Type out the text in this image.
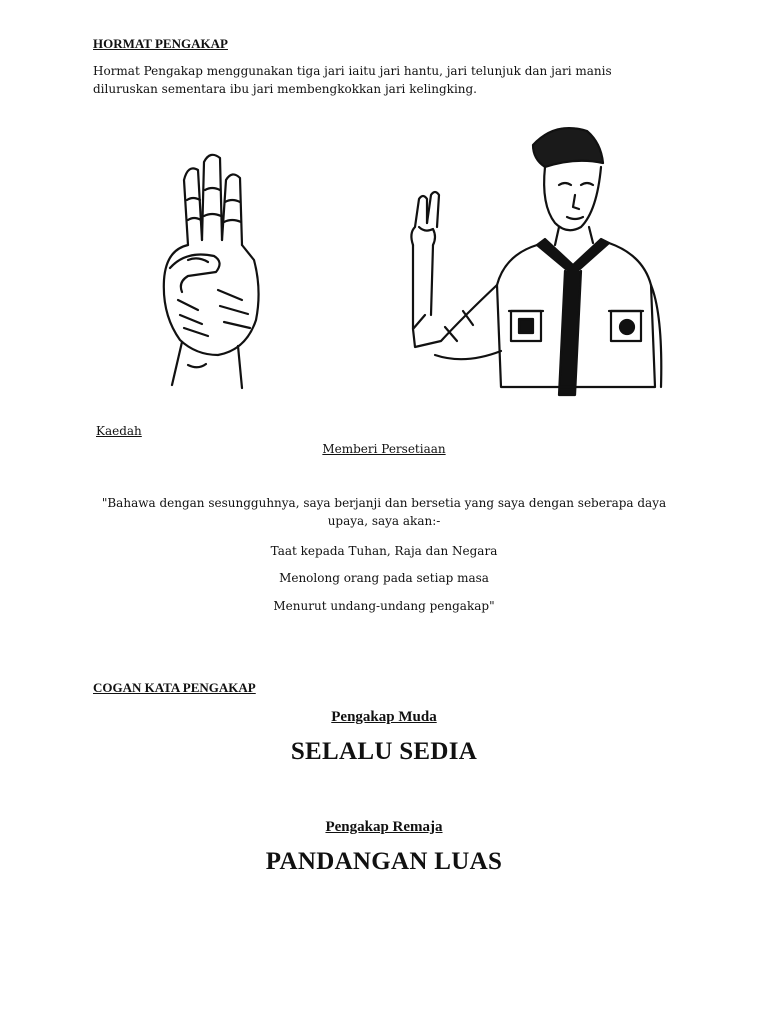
HORMAT PENGAKAP
Hormat Pengakap menggunakan tiga jari iaitu jari hantu, jari telunjuk dan jari manis diluruskan sementara ibu jari membengkokkan jari kelingking.
Kaedah
Memberi Persetiaan
"Bahawa dengan sesungguhnya, saya berjanji dan bersetia yang saya dengan seberapa daya upaya, saya akan:-
Taat kepada Tuhan, Raja dan Negara
Menolong orang pada setiap masa
Menurut undang-undang pengakap"
COGAN KATA PENGAKAP
Pengakap Muda
SELALU SEDIA
Pengakap Remaja
PANDANGAN LUAS
